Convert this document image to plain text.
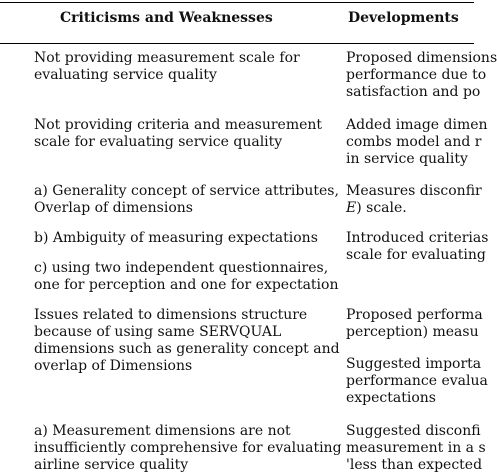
Criticisms and Weaknesses	Developments

Not providing measurement scale for
evaluating service quality

Not providing criteria and measurement
scale for evaluating service quality

a) Generality concept of service attributes,
Overlap of dimensions

b) Ambiguity of measuring expectations

c) using two independent questionnaires,
one for perception and one for expectation

Issues related to dimensions structure
because of using same SERVQUAL
dimensions such as generality concept and
overlap of Dimensions

a) Measurement dimensions are not
insufficiently comprehensive for evaluating
airline service quality

Proposed dimensions
performance due to
satisfaction and po

Added image dimen
combs model and r
in service quality

Measures disconfir
E) scale.

Introduced criterias
scale for evaluating

Proposed performa
perception) measu

Suggested importa
performance evalua
expectations

Suggested disconfi
measurement in a s
'less than expected
